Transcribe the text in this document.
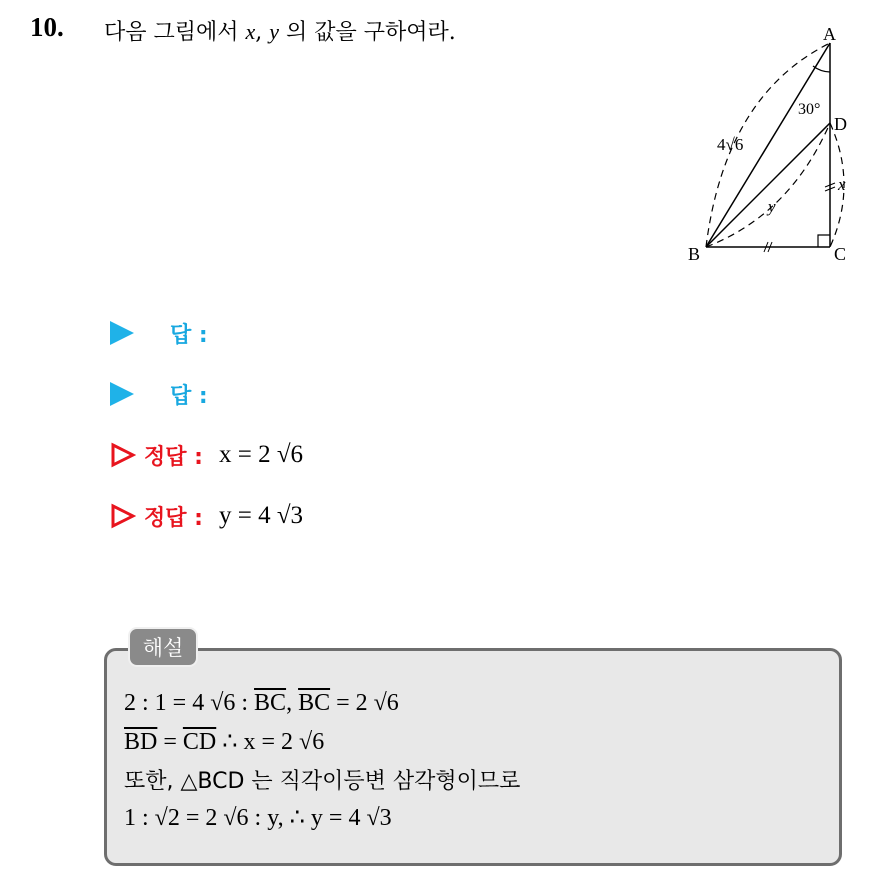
10. 다음 그림에서 x, y 의 값을 구하여라.	A
B	C
D
30°
4√6
x
y
답 :
답 :
정답 : x = 2 √6
정답 : y = 4 √3
해설
2 : 1 = 4 √6 : $\overline{BC}$, $\overline{BC} = 2$ √6
$\overline{BD} = \overline{CD}$ ∴ x = 2 √6
또한, △BCD 는 직각이등변 삼각형이므로
1 : √2 = 2 √6 : y, ∴ y = 4 √3
